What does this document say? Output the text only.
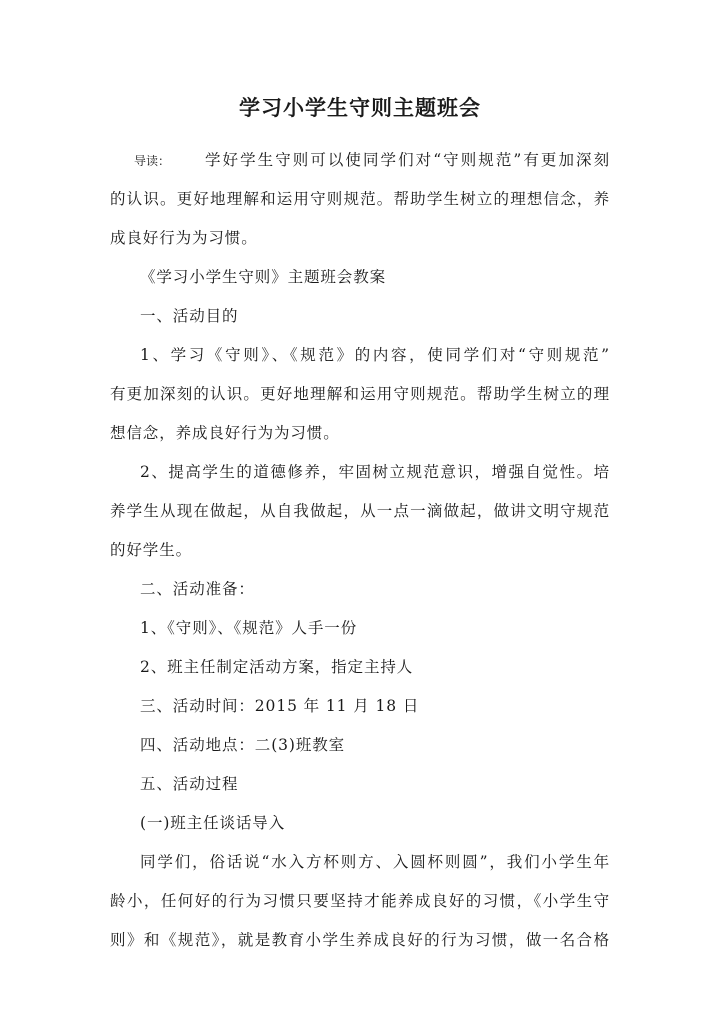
学习小学生守则主题班会
导读： 学好学生守则可以使同学们对“守则规范”有更加深刻
的认识。更好地理解和运用守则规范。帮助学生树立的理想信念，养
成良好行为为习惯。
《学习小学生守则》主题班会教案
一、活动目的
1、学习《守则》、《规范》的内容，使同学们对“守则规范”
有更加深刻的认识。更好地理解和运用守则规范。帮助学生树立的理
想信念，养成良好行为为习惯。
2、提高学生的道德修养，牢固树立规范意识，增强自觉性。培
养学生从现在做起，从自我做起，从一点一滴做起，做讲文明守规范
的好学生。
二、活动准备：
1、《守则》、《规范》人手一份
2、班主任制定活动方案，指定主持人
三、活动时间：2015 年 11 月 18 日
四、活动地点：二(3)班教室
五、活动过程
(一)班主任谈话导入
同学们，俗话说“水入方杯则方、入圆杯则圆”，我们小学生年
龄小，任何好的行为习惯只要坚持才能养成良好的习惯，《小学生守
则》和《规范》，就是教育小学生养成良好的行为习惯，做一名合格
